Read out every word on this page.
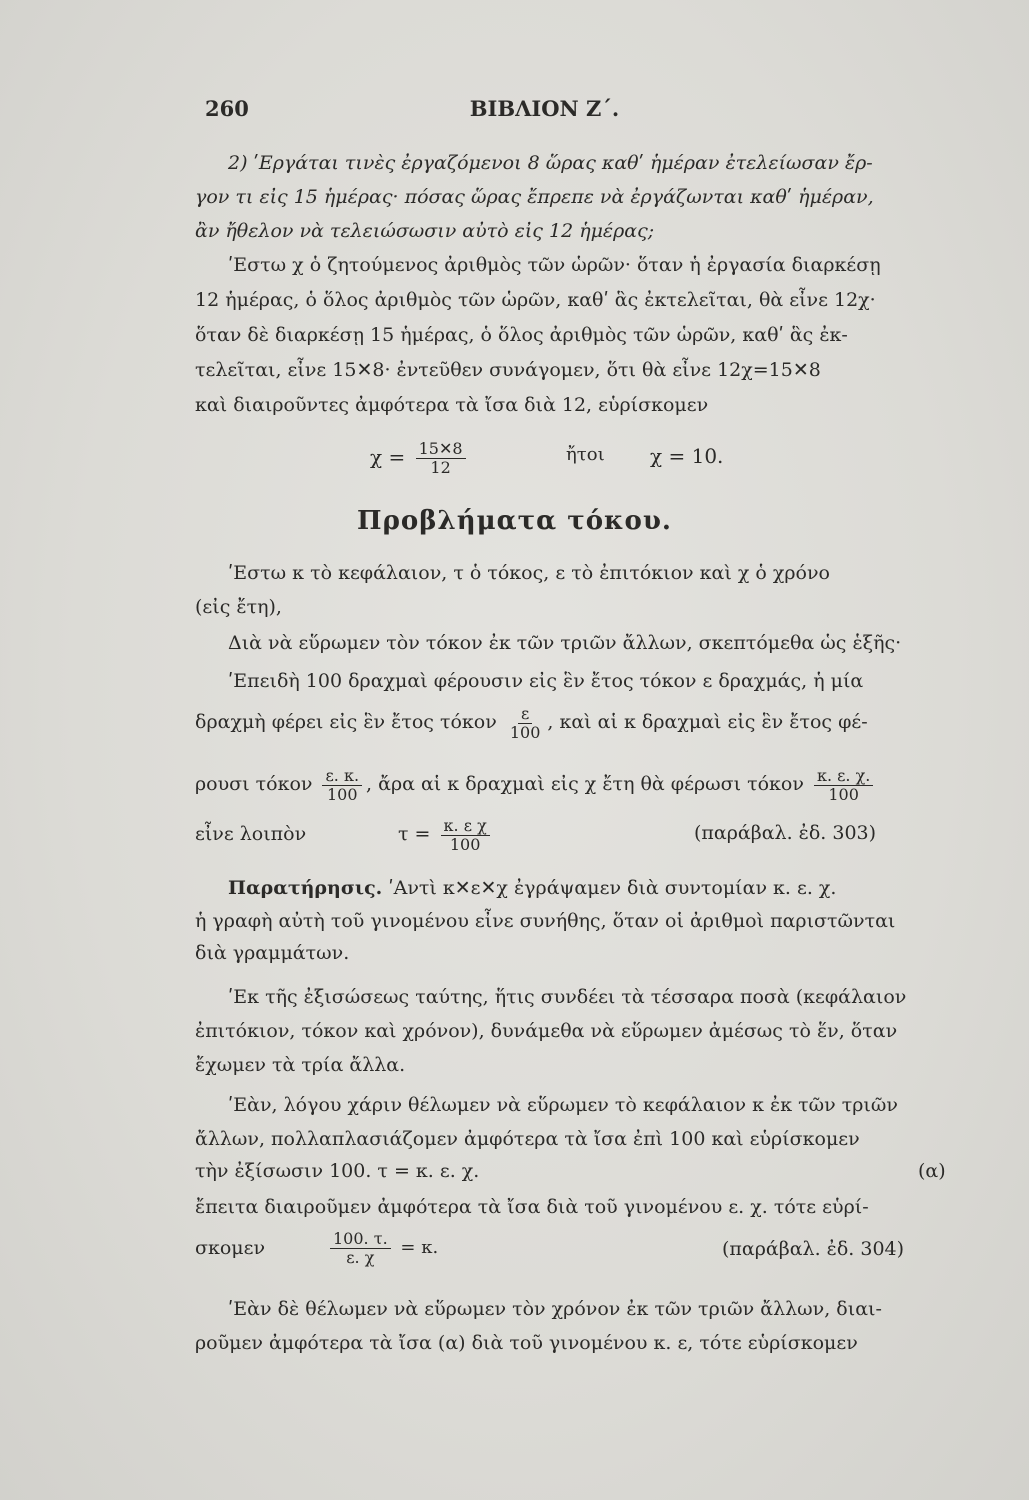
260	ΒΙΒΛΙΟΝ Ζ΄.
2) ʹΕργάται τινὲς ἐργαζόμενοι 8 ὥρας καθʹ ἡμέραν ἐτελείωσαν ἔρ-
γον τι εἰς 15 ἡμέρας· πόσας ὥρας ἔπρεπε νὰ ἐργάζωνται καθʹ ἡμέραν,
ἂν ἤθελον νὰ τελειώσωσιν αὐτὸ εἰς 12 ἡμέρας;
ʹΕστω χ ὁ ζητούμενος ἀριθμὸς τῶν ὡρῶν· ὅταν ἡ ἐργασία διαρκέσῃ
12 ἡμέρας, ὁ ὅλος ἀριθμὸς τῶν ὡρῶν, καθʹ ἃς ἐκτελεῖται, θὰ εἶνε 12χ·
ὅταν δὲ διαρκέσῃ 15 ἡμέρας, ὁ ὅλος ἀριθμὸς τῶν ὡρῶν, καθʹ ἃς ἐκ-
τελεῖται, εἶνε 15✕8· ἐντεῦθεν συνάγομεν, ὅτι θὰ εἶνε 12χ=15✕8
καὶ διαιροῦντες ἀμφότερα τὰ ἴσα διὰ 12, εὑρίσκομεν
$\chi = \frac{15✕8}{12}$	ἤτοι χ = 10.
Προβλήματα τόκου.
ʹΕστω κ τὸ κεφάλαιον, τ ὁ τόκος, ε τὸ ἐπιτόκιον καὶ χ ὁ χρόνο
(εἰς ἔτη),
Διὰ νὰ εὕρωμεν τὸν τόκον ἐκ τῶν τριῶν ἄλλων, σκεπτόμεθα ὡς ἑξῆς·
ʹΕπειδὴ 100 δραχμαὶ φέρουσιν εἰς ἓν ἔτος τόκον ε δραχμάς, ἡ μία
δραχμὴ φέρει εἰς ἓν ἔτος τόκον $\frac{\varepsilon}{100}$ , καὶ αἱ κ δραχμαὶ εἰς ἓν ἔτος φέ-
ρουσι τόκον $\frac{\varepsilon. \kappa.}{100}$ , ἄρα αἱ κ δραχμαὶ εἰς χ ἔτη θὰ φέρωσι τόκον $\frac{\kappa. \varepsilon. \chi.}{100}$
εἶνε λοιπὸν	$\tau = \frac{\text{κ. ε χ}}{100}$	(παράβαλ. ἐδ. 303)
Παρατήρησις. ʹΑντὶ κ✕ε✕χ ἐγράψαμεν διὰ συντομίαν κ. ε. χ.
ἡ γραφὴ αὐτὴ τοῦ γινομένου εἶνε συνήθης, ὅταν οἱ ἀριθμοὶ παριστῶνται
διὰ γραμμάτων.
ʹΕκ τῆς ἐξισώσεως ταύτης, ἥτις συνδέει τὰ τέσσαρα ποσὰ (κεφάλαιον
ἐπιτόκιον, τόκον καὶ χρόνον), δυνάμεθα νὰ εὕρωμεν ἀμέσως τὸ ἕν, ὅταν
ἔχωμεν τὰ τρία ἄλλα.
ʹΕὰν, λόγου χάριν θέλωμεν νὰ εὕρωμεν τὸ κεφάλαιον κ ἐκ τῶν τριῶν
ἄλλων, πολλαπλασιάζομεν ἀμφότερα τὰ ἴσα ἐπὶ 100 καὶ εὑρίσκομεν
τὴν ἐξίσωσιν 100. τ = κ. ε. χ.	(α)
ἔπειτα διαιροῦμεν ἀμφότερα τὰ ἴσα διὰ τοῦ γινομένου ε. χ. τότε εὑρί-
σκομεν	$\frac{100. \tau.}{\varepsilon. \chi} = \kappa$.	(παράβαλ. ἐδ. 304)
ʹΕὰν δὲ θέλωμεν νὰ εὕρωμεν τὸν χρόνον ἐκ τῶν τριῶν ἄλλων, διαι-
ροῦμεν ἀμφότερα τὰ ἴσα (α) διὰ τοῦ γινομένου κ. ε, τότε εὑρίσκομεν
